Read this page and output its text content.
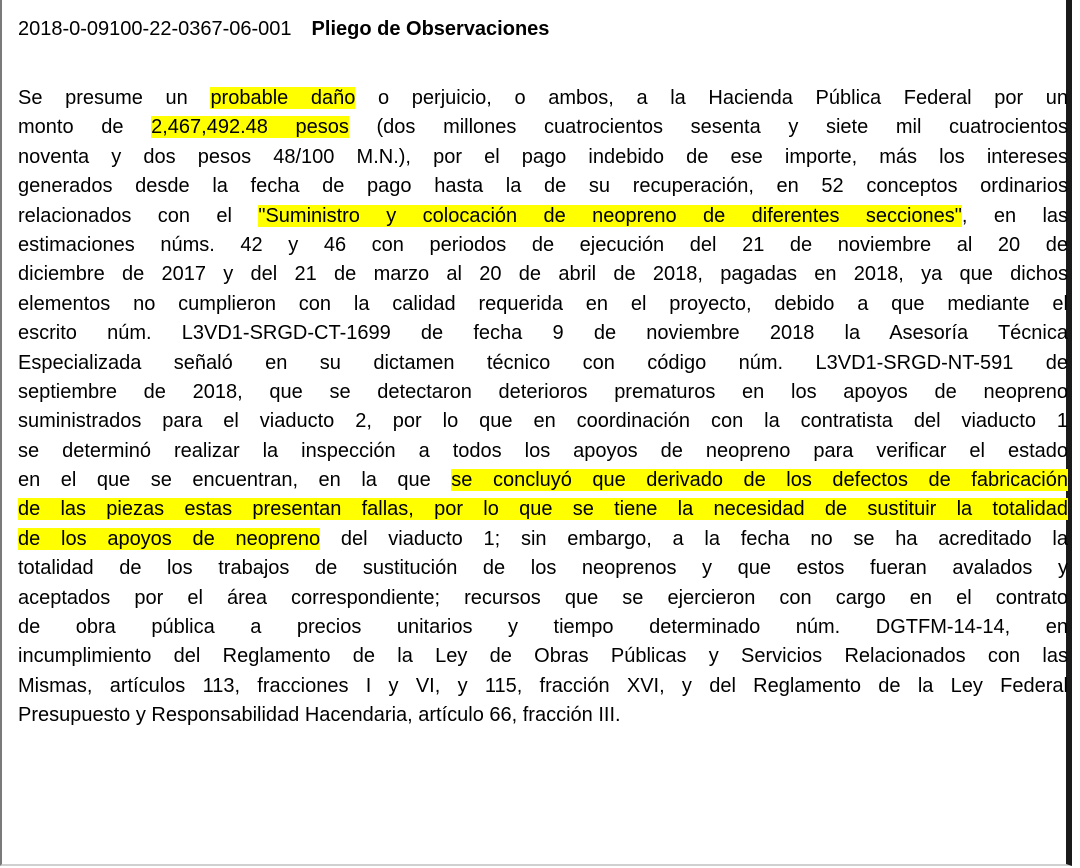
2018-0-09100-22-0367-06-001 Pliego de Observaciones
Se presume un probable daño o perjuicio, o ambos, a la Hacienda Pública Federal por un
monto de 2,467,492.48 pesos (dos millones cuatrocientos sesenta y siete mil cuatrocientos
noventa y dos pesos 48/100 M.N.), por el pago indebido de ese importe, más los intereses
generados desde la fecha de pago hasta la de su recuperación, en 52 conceptos ordinarios
relacionados con el "Suministro y colocación de neopreno de diferentes secciones", en las
estimaciones núms. 42 y 46 con periodos de ejecución del 21 de noviembre al 20 de
diciembre de 2017 y del 21 de marzo al 20 de abril de 2018, pagadas en 2018, ya que dichos
elementos no cumplieron con la calidad requerida en el proyecto, debido a que mediante el
escrito núm. L3VD1-SRGD-CT-1699 de fecha 9 de noviembre 2018 la Asesoría Técnica
Especializada señaló en su dictamen técnico con código núm. L3VD1-SRGD-NT-591 de
septiembre de 2018, que se detectaron deterioros prematuros en los apoyos de neopreno
suministrados para el viaducto 2, por lo que en coordinación con la contratista del viaducto 1
se determinó realizar la inspección a todos los apoyos de neopreno para verificar el estado
en el que se encuentran, en la que se concluyó que derivado de los defectos de fabricación
de las piezas estas presentan fallas, por lo que se tiene la necesidad de sustituir la totalidad
de los apoyos de neopreno del viaducto 1; sin embargo, a la fecha no se ha acreditado la
totalidad de los trabajos de sustitución de los neoprenos y que estos fueran avalados y
aceptados por el área correspondiente; recursos que se ejercieron con cargo en el contrato
de obra pública a precios unitarios y tiempo determinado núm. DGTFM-14-14, en
incumplimiento del Reglamento de la Ley de Obras Públicas y Servicios Relacionados con las
Mismas, artículos 113, fracciones I y VI, y 115, fracción XVI, y del Reglamento de la Ley Federal
Presupuesto y Responsabilidad Hacendaria, artículo 66, fracción III.
